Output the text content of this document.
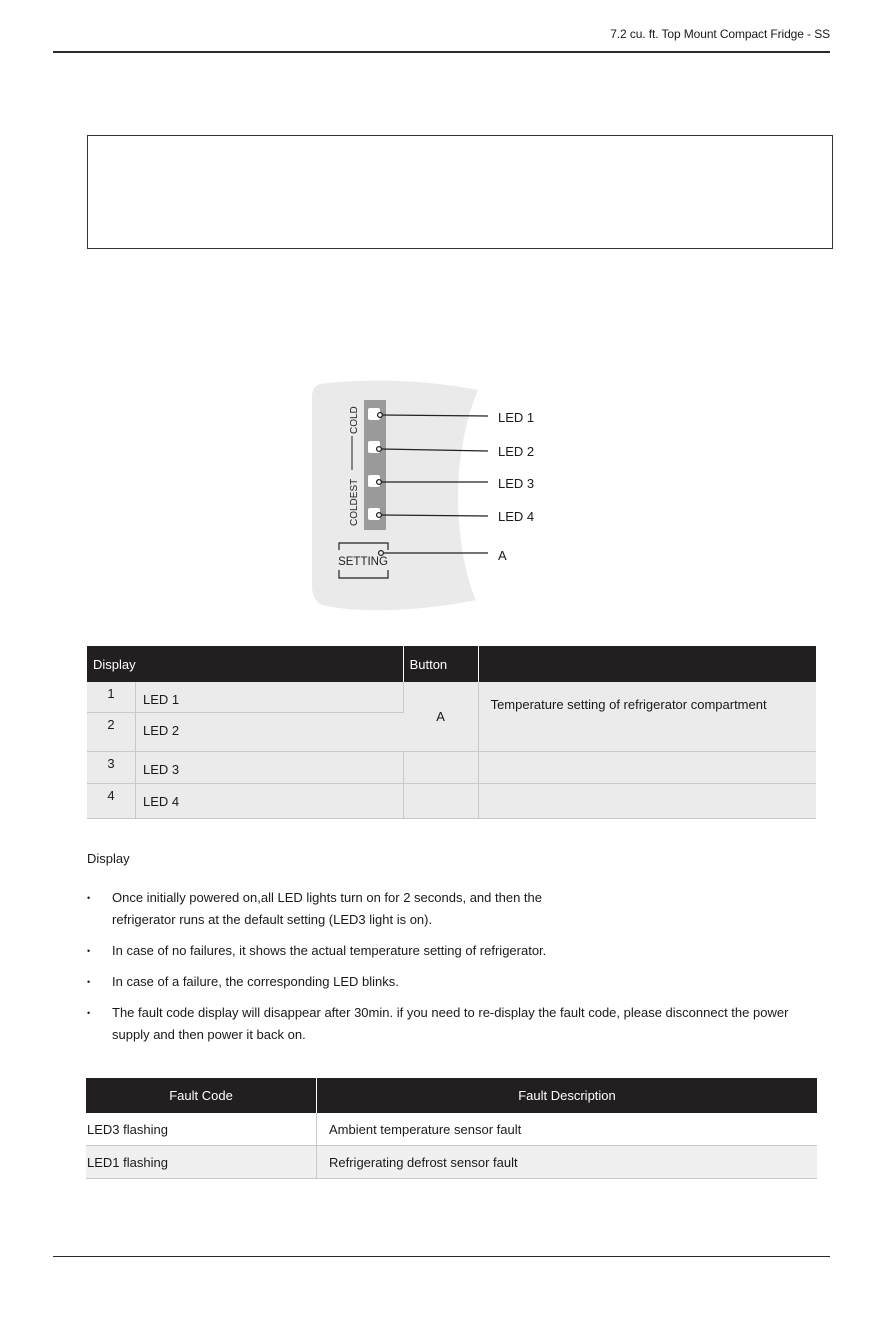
7.2 cu. ft. Top Mount Compact Fridge - SS
COLD
COLDEST
SETTING
LED 1
LED 2
LED 3
LED 4
A
Display		Button	
1	LED 1	A	Temperature setting of refrigerator compartment
2	LED 2		
3	LED 3		
4	LED 4		
Display
• Once initially powered on,all LED lights turn on for 2 seconds, and then the refrigerator runs at the default setting (LED3 light is on).
• In case of no failures, it shows the actual temperature setting of refrigerator.
• In case of a failure, the corresponding LED blinks.
• The fault code display will disappear after 30min. if you need to re-display the fault code, please disconnect the power supply and then power it back on.
Fault Code	Fault Description
LED3 flashing	Ambient temperature sensor fault
LED1 flashing	Refrigerating defrost sensor fault
